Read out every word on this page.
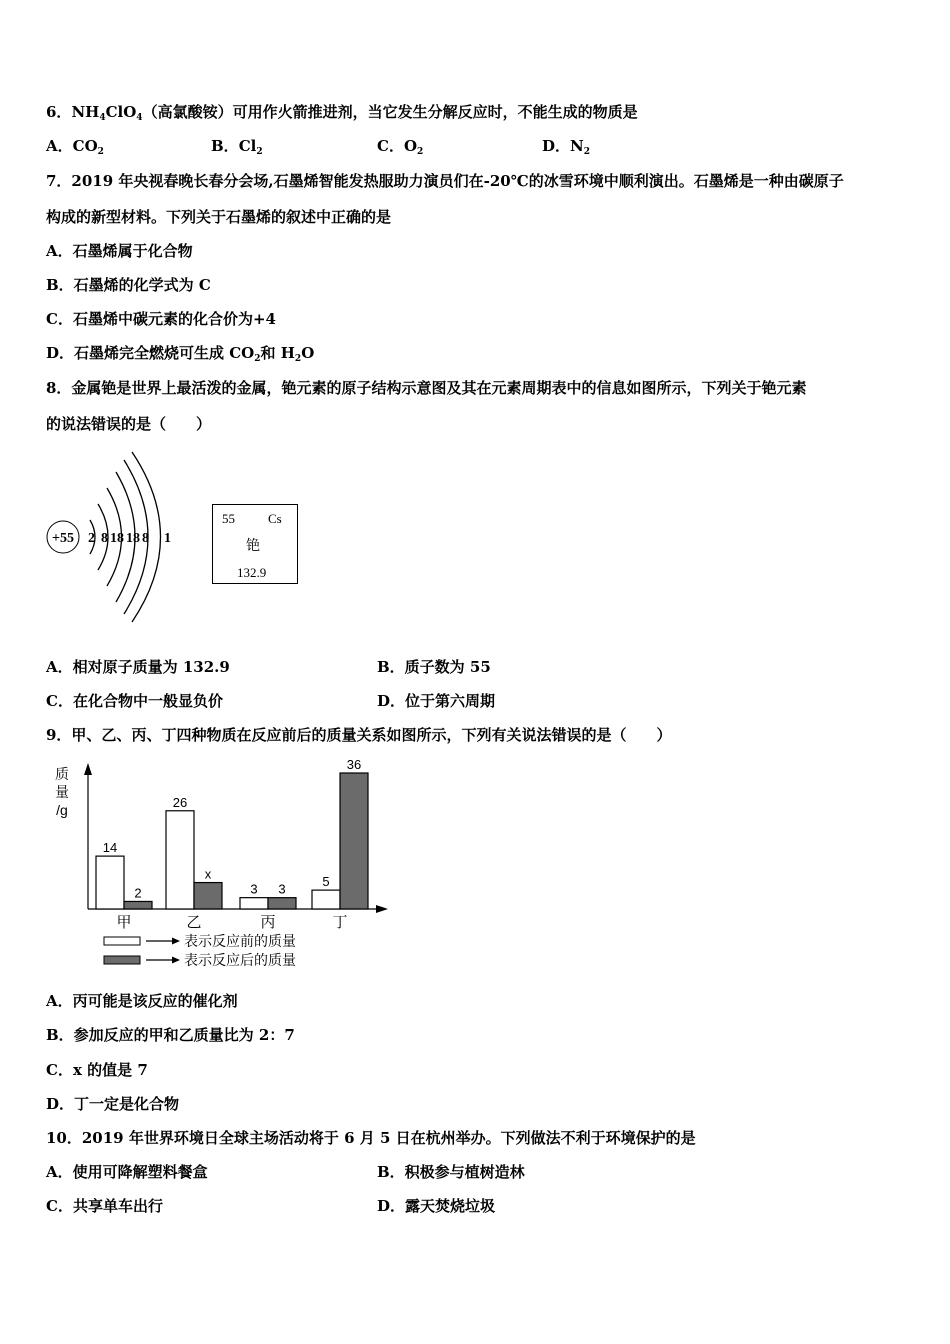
6．$NH_4ClO_4$（高氯酸铵）可用作火箭推进剂，当它发生分解反应时，不能生成的物质是
A．$CO_2$	B．$Cl_2$	C．$O_2$	D．$N_2$
7．2019 年央视春晚长春分会场,石墨烯智能发热服助力演员们在-20℃的冰雪环境中顺利演出。石墨烯是一种由碳原子
构成的新型材料。下列关于石墨烯的叙述中正确的是
A．石墨烯属于化合物
B．石墨烯的化学式为 C
C．石墨烯中碳元素的化合价为+4
D．石墨烯完全燃烧可生成 $CO_2$和 $H_2O$
8．金属铯是世界上最活泼的金属，铯元素的原子结构示意图及其在元素周期表中的信息如图所示，下列关于铯元素
的说法错误的是（　　）
+55 2 8 18 18 8 1
55	Cs
铯
132.9
A．相对原子质量为 132.9	B．质子数为 55
C．在化合物中一般显负价	D．位于第六周期
9．甲、乙、丙、丁四种物质在反应前后的质量关系如图所示，下列有关说法错误的是（　　）
质
量
/g
14
2
甲
26
x
乙
3 3
丙
5
36
丁
表示反应前的质量
表示反应后的质量
A．丙可能是该反应的催化剂
B．参加反应的甲和乙质量比为 2：7
C．x 的值是 7
D．丁一定是化合物
10．2019 年世界环境日全球主场活动将于 6 月 5 日在杭州举办。下列做法不利于环境保护的是
A．使用可降解塑料餐盒	B．积极参与植树造林
C．共享单车出行	D．露天焚烧垃圾
